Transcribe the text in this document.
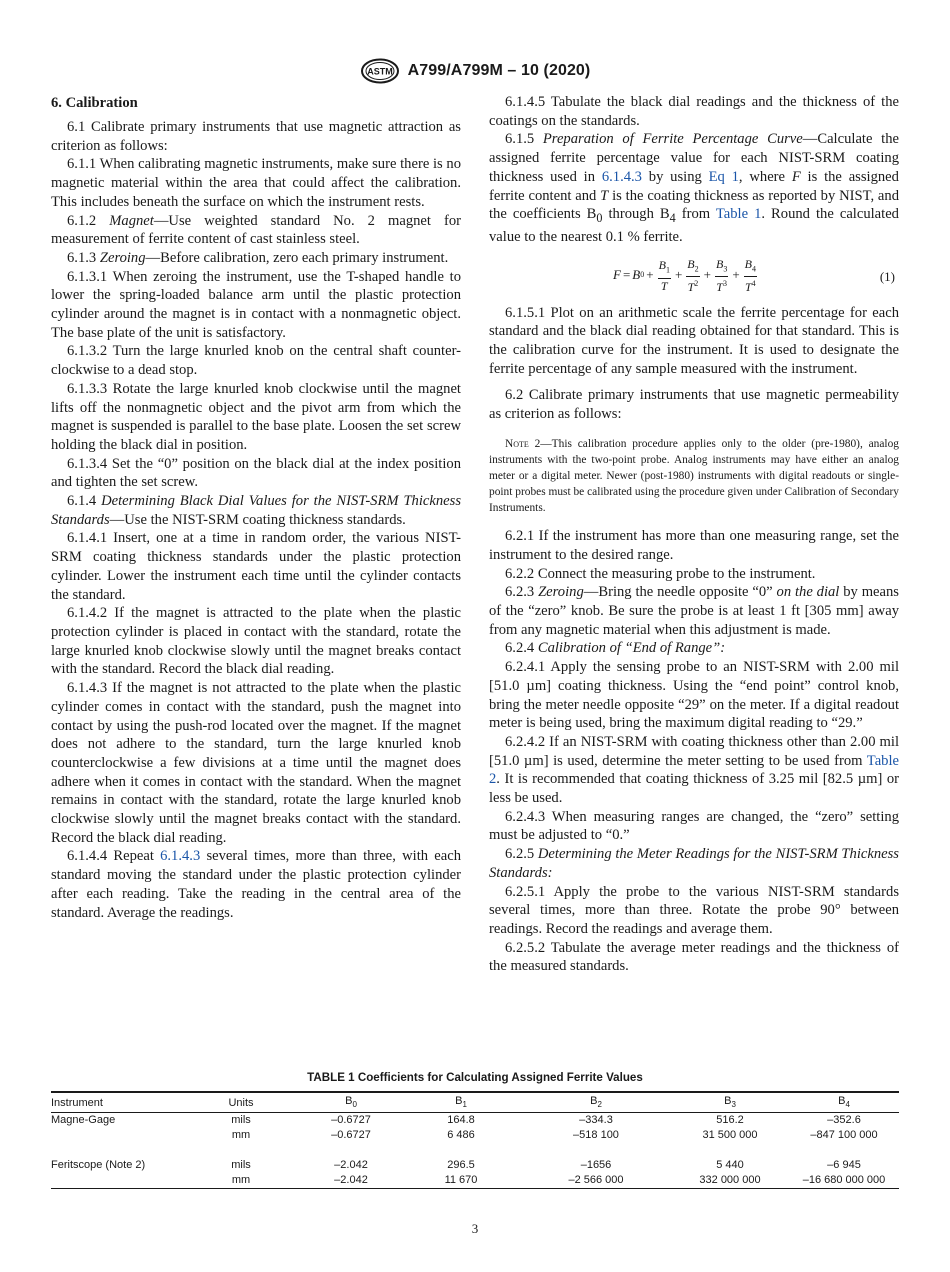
ASTM A799/A799M – 10 (2020)
6. Calibration

6.1 Calibrate primary instruments that use magnetic attraction as criterion as follows:

6.1.1 When calibrating magnetic instruments, make sure there is no magnetic material within the area that could affect the calibration. This includes beneath the surface on which the instrument rests.

6.1.2 Magnet—Use weighted standard No. 2 magnet for measurement of ferrite content of cast stainless steel.

6.1.3 Zeroing—Before calibration, zero each primary instrument.

6.1.3.1 When zeroing the instrument, use the T-shaped handle to lower the spring-loaded balance arm until the plastic protection cylinder around the magnet is in contact with a nonmagnetic object. The base plate of the unit is satisfactory.

6.1.3.2 Turn the large knurled knob on the central shaft counter-clockwise to a dead stop.

6.1.3.3 Rotate the large knurled knob clockwise until the magnet lifts off the nonmagnetic object and the pivot arm from which the magnet is suspended is parallel to the base plate. Loosen the set screw holding the black dial in position.

6.1.3.4 Set the “0” position on the black dial at the index position and tighten the set screw.

6.1.4 Determining Black Dial Values for the NIST-SRM Thickness Standards—Use the NIST-SRM coating thickness standards.

6.1.4.1 Insert, one at a time in random order, the various NIST-SRM coating thickness standards under the plastic protection cylinder. Lower the instrument each time until the cylinder contacts the standard.

6.1.4.2 If the magnet is attracted to the plate when the plastic protection cylinder is placed in contact with the standard, rotate the large knurled knob clockwise slowly until the magnet breaks contact with the standard. Record the black dial reading.

6.1.4.3 If the magnet is not attracted to the plate when the plastic cylinder comes in contact with the standard, push the magnet into contact by using the push-rod located over the magnet. If the magnet does not adhere to the standard, turn the large knurled knob counterclockwise a few divisions at a time until the magnet does adhere when it comes in contact with the standard. When the magnet remains in contact with the standard, rotate the large knurled knob clockwise slowly until the magnet breaks contact with the standard. Record the black dial reading.

6.1.4.4 Repeat 6.1.4.3 several times, more than three, with each standard moving the standard under the plastic protection cylinder after each reading. Take the reading in the central area of the standard. Average the readings.

6.1.4.5 Tabulate the black dial readings and the thickness of the coatings on the standards.

6.1.5 Preparation of Ferrite Percentage Curve—Calculate the assigned ferrite percentage value for each NIST-SRM coating thickness used in 6.1.4.3 by using Eq 1, where F is the assigned ferrite content and T is the coating thickness as reported by NIST, and the coefficients $B_0$ through $B_4$ from Table 1. Round the calculated value to the nearest 0.1 % ferrite.

F = B $0 + \frac{B_1}{T} + \frac{B_2}{T^2} + \frac{B_3}{T^3} + \frac{B_4}{T^4}$	(1)

6.1.5.1 Plot on an arithmetic scale the ferrite percentage for each standard and the black dial reading obtained for that standard. This is the calibration curve for the instrument. It is used to designate the ferrite percentage of any sample measured with the instrument.

6.2 Calibrate primary instruments that use magnetic permeability as criterion as follows:

Note 2—This calibration procedure applies only to the older (pre-1980), analog instruments with the two-point probe. Analog instruments may have either an analog meter or a digital meter. Newer (post-1980) instruments with digital readouts or single-point probes must be calibrated using the procedure given under Calibration of Secondary Instruments.

6.2.1 If the instrument has more than one measuring range, set the instrument to the desired range.

6.2.2 Connect the measuring probe to the instrument.

6.2.3 Zeroing—Bring the needle opposite “0” on the dial by means of the “zero” knob. Be sure the probe is at least 1 ft [305 mm] away from any magnetic material when this adjustment is made.

6.2.4 Calibration of “End of Range”:

6.2.4.1 Apply the sensing probe to an NIST-SRM with 2.00 mil [51.0 µm] coating thickness. Using the “end point” control knob, bring the meter needle opposite “29” on the meter. If a digital readout meter is being used, bring the maximum digital reading to “29.”

6.2.4.2 If an NIST-SRM with coating thickness other than 2.00 mil [51.0 µm] is used, determine the meter setting to be used from Table 2. It is recommended that coating thickness of 3.25 mil [82.5 µm] or less be used.

6.2.4.3 When measuring ranges are changed, the “zero” setting must be adjusted to “0.”

6.2.5 Determining the Meter Readings for the NIST-SRM Thickness Standards:

6.2.5.1 Apply the probe to the various NIST-SRM standards several times, more than three. Rotate the probe 90° between readings. Record the readings and average them.

6.2.5.2 Tabulate the average meter readings and the thickness of the measured standards.

TABLE 1 Coefficients for Calculating Assigned Ferrite Values
Instrument	Units	$B_0$	$B_1$	$B_2$	$B_3$	$B_4$
Magne-Gage	mils	–0.6727	164.8	–334.3	516.2	–352.6
	mm	–0.6727	6 486	–518 100	31 500 000	–847 100 000

Feritscope (Note 2)	mils	–2.042	296.5	–1656	5 440	–6 945
	mm	–2.042	11 670	–2 566 000	332 000 000	–16 680 000 000
3
